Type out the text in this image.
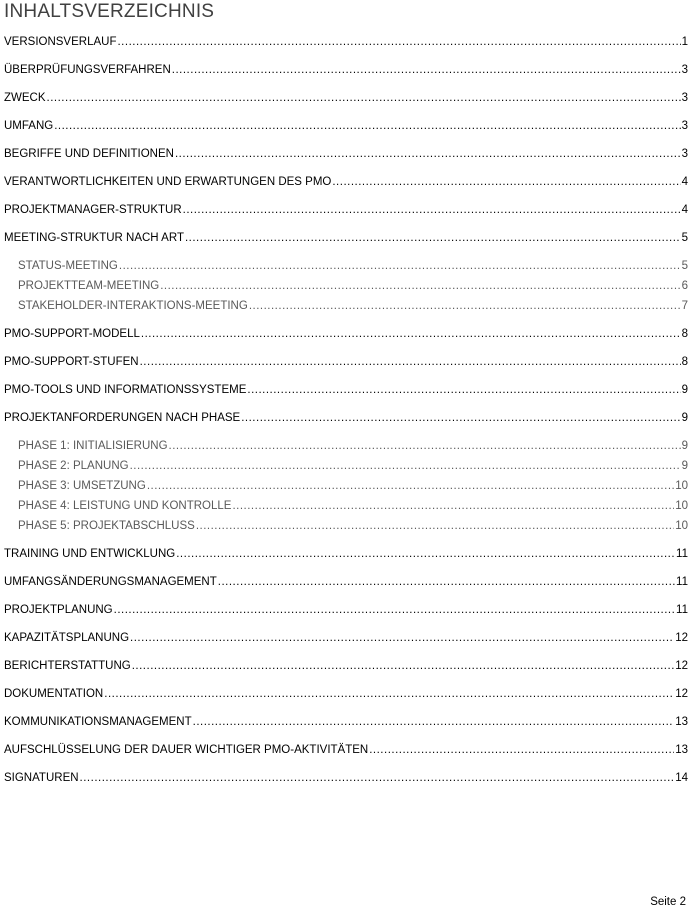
INHALTSVERZEICHNIS
VERSIONSVERLAUF .....	1
ÜBERPRÜFUNGSVERFAHREN .....	3
ZWECK .....	3
UMFANG .....	3
BEGRIFFE UND DEFINITIONEN .....	3
VERANTWORTLICHKEITEN UND ERWARTUNGEN DES PMO .....	4
PROJEKTMANAGER-STRUKTUR .....	4
MEETING-STRUKTUR NACH ART .....	5
STATUS-MEETING .....	5
PROJEKTTEAM-MEETING .....	6
STAKEHOLDER-INTERAKTIONS-MEETING .....	7
PMO-SUPPORT-MODELL .....	8
PMO-SUPPORT-STUFEN .....	8
PMO-TOOLS UND INFORMATIONSSYSTEME .....	9
PROJEKTANFORDERUNGEN NACH PHASE .....	9
PHASE 1: INITIALISIERUNG .....	9
PHASE 2: PLANUNG .....	9
PHASE 3: UMSETZUNG .....	10
PHASE 4: LEISTUNG UND KONTROLLE .....	10
PHASE 5: PROJEKTABSCHLUSS .....	10
TRAINING UND ENTWICKLUNG .....	11
UMFANGSÄNDERUNGSMANAGEMENT .....	11
PROJEKTPLANUNG .....	11
KAPAZITÄTSPLANUNG .....	12
BERICHTERSTATTUNG .....	12
DOKUMENTATION .....	12
KOMMUNIKATIONSMANAGEMENT .....	13
AUFSCHLÜSSELUNG DER DAUER WICHTIGER PMO-AKTIVITÄTEN .....	13
SIGNATUREN .....	14
Seite 2
